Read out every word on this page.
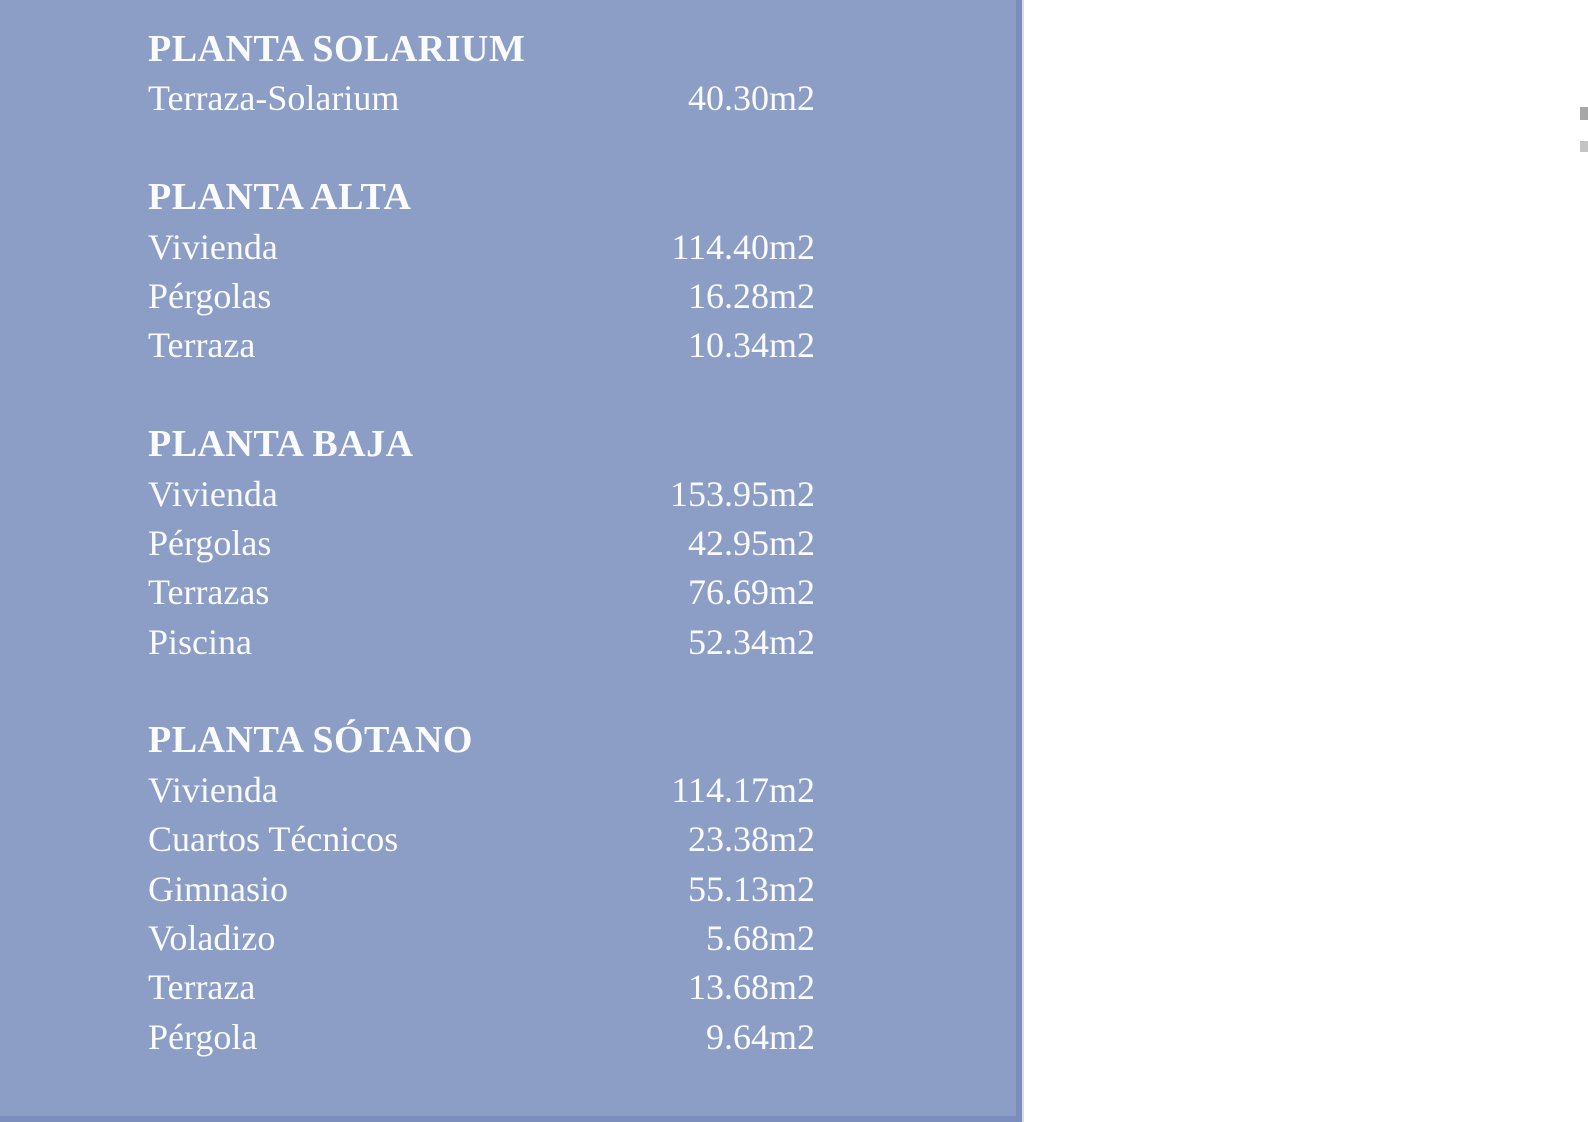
PLANTA SOLARIUM
Terraza-Solarium	40.30m2
PLANTA ALTA
Vivienda	114.40m2
Pérgolas	16.28m2
Terraza	10.34m2
PLANTA BAJA
Vivienda	153.95m2
Pérgolas	42.95m2
Terrazas	76.69m2
Piscina	52.34m2
PLANTA SÓTANO
Vivienda	114.17m2
Cuartos Técnicos	23.38m2
Gimnasio	55.13m2
Voladizo	5.68m2
Terraza	13.68m2
Pérgola	9.64m2
